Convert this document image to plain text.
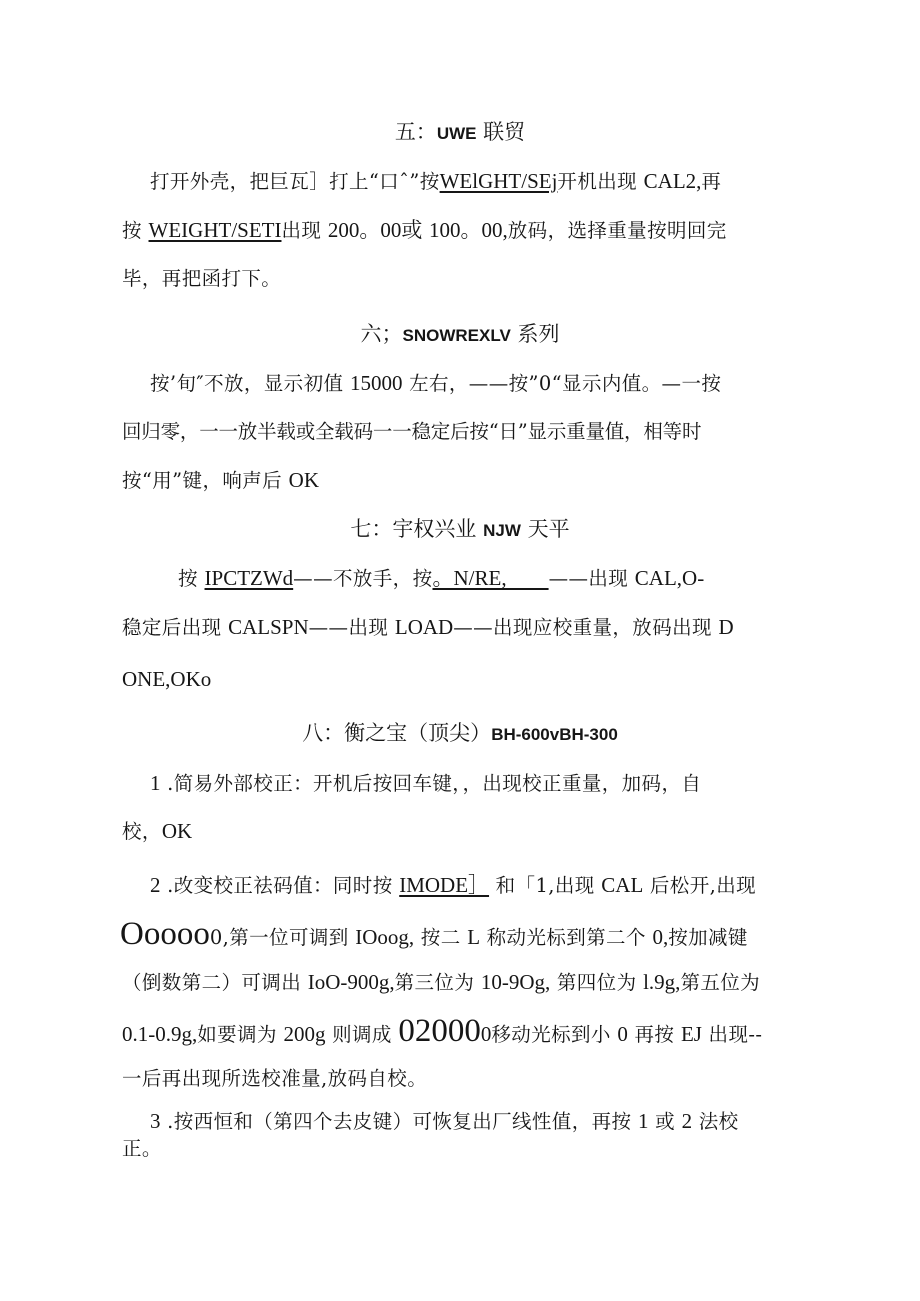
五：UWE 联贸
打开外壳，把巨瓦］打上“口ˆ”按WElGHT/SEj开机出现 CAL2,再
按 WEIGHT/SETI出现 200。00或 100。00,放码，选择重量按明回完
毕，再把函打下。
六；SNOWREXLV 系列
按’旬″不放，显示初值 15000 左右，——按”0“显示内值。—一按
回归零，一一放半载或全载码一一稳定后按“日”显示重量值，相等时
按“用”键，响声后 OK
七：宇权兴业 NJW 天平
按 IPCTZWd——不放手，按。N/RE,        ——出现 CAL,O-
稳定后出现 CALSPN——出现 LOAD——出现应校重量，放码出现 D
ONE,OKo
八：衡之宝（顶尖）BH-600vBH-300
1 .简易外部校正：开机后按回车键，，出现校正重量，加码，自
校，OK
2 .改变校正祛码值：同时按 IMODE］ 和「1,出现 CAL 后松开,出现
Ooooo0,第一位可调到 IOoog, 按二 L 称动光标到第二个 0,按加减键
（倒数第二）可调出 IoO-900g,第三位为 10-9Og, 第四位为 l.9g,第五位为
0.1-0.9g,如要调为 200g 则调成 020000移动光标到小 0 再按 EJ 出现--
一后再出现所选校准量,放码自校。
3 .按西恒和（第四个去皮键）可恢复出厂线性值，再按 1 或 2 法校
正。
